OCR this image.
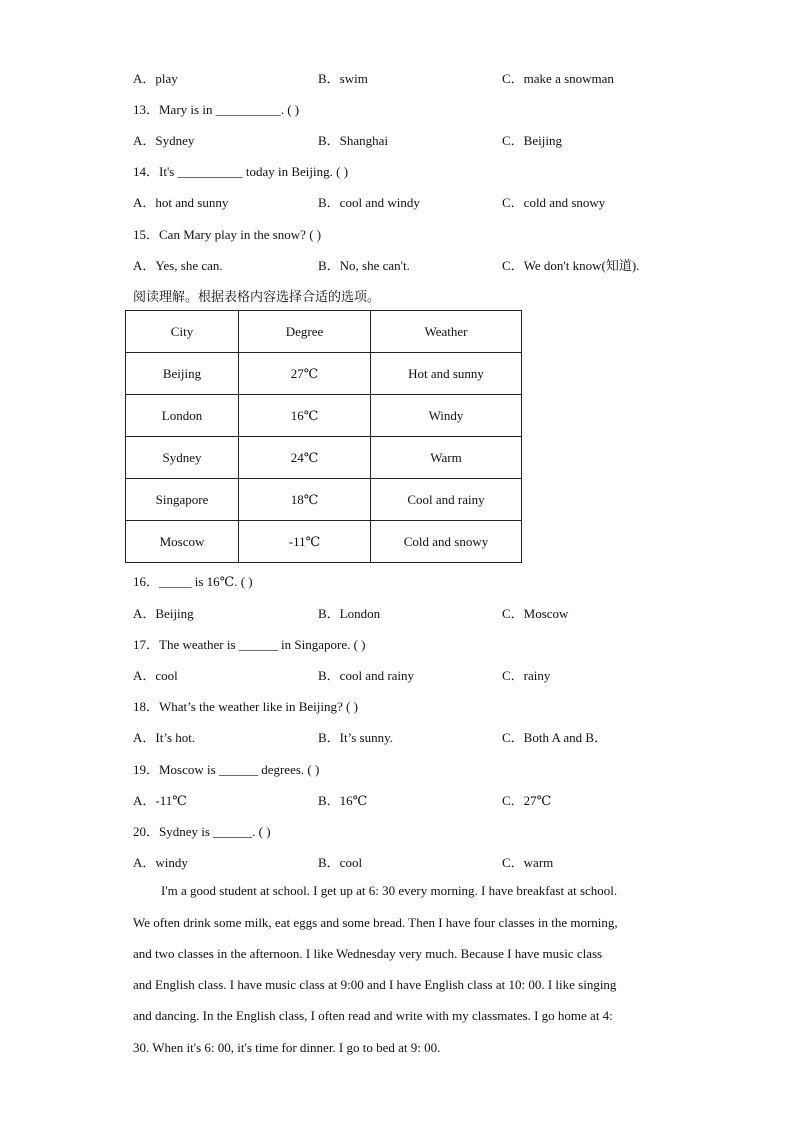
A．play	B．swim	C．make a snowman
13．Mary is in __________. ( )
A．Sydney	B．Shanghai	C．Beijing
14．It's __________ today in Beijing. ( )
A．hot and sunny	B．cool and windy	C．cold and snowy
15．Can Mary play in the snow? ( )
A．Yes, she can.	B．No, she can't.	C．We don't know(知道).
阅读理解。根据表格内容选择合适的选项。
City	Degree	Weather
Beijing	27℃	Hot and sunny
London	16℃	Windy
Sydney	24℃	Warm
Singapore	18℃	Cool and rainy
Moscow	-11℃	Cold and snowy
16．_____ is 16℃. ( )
A．Beijing	B．London	C．Moscow
17．The weather is ______ in Singapore. ( )
A．cool	B．cool and rainy	C．rainy
18．What’s the weather like in Beijing? ( )
A．It’s hot.	B．It’s sunny.	C．Both A and B．
19．Moscow is ______ degrees. ( )
A．-11℃	B．16℃	C．27℃
20．Sydney is ______. ( )
A．windy	B．cool	C．warm
I'm a good student at school. I get up at 6: 30 every morning. I have breakfast at school.
We often drink some milk, eat eggs and some bread. Then I have four classes in the morning,
and two classes in the afternoon. I like Wednesday very much. Because I have music class
and English class. I have music class at 9:00 and I have English class at 10: 00. I like singing
and dancing. In the English class, I often read and write with my classmates. I go home at 4:
30. When it's 6: 00, it's time for dinner. I go to bed at 9: 00.
